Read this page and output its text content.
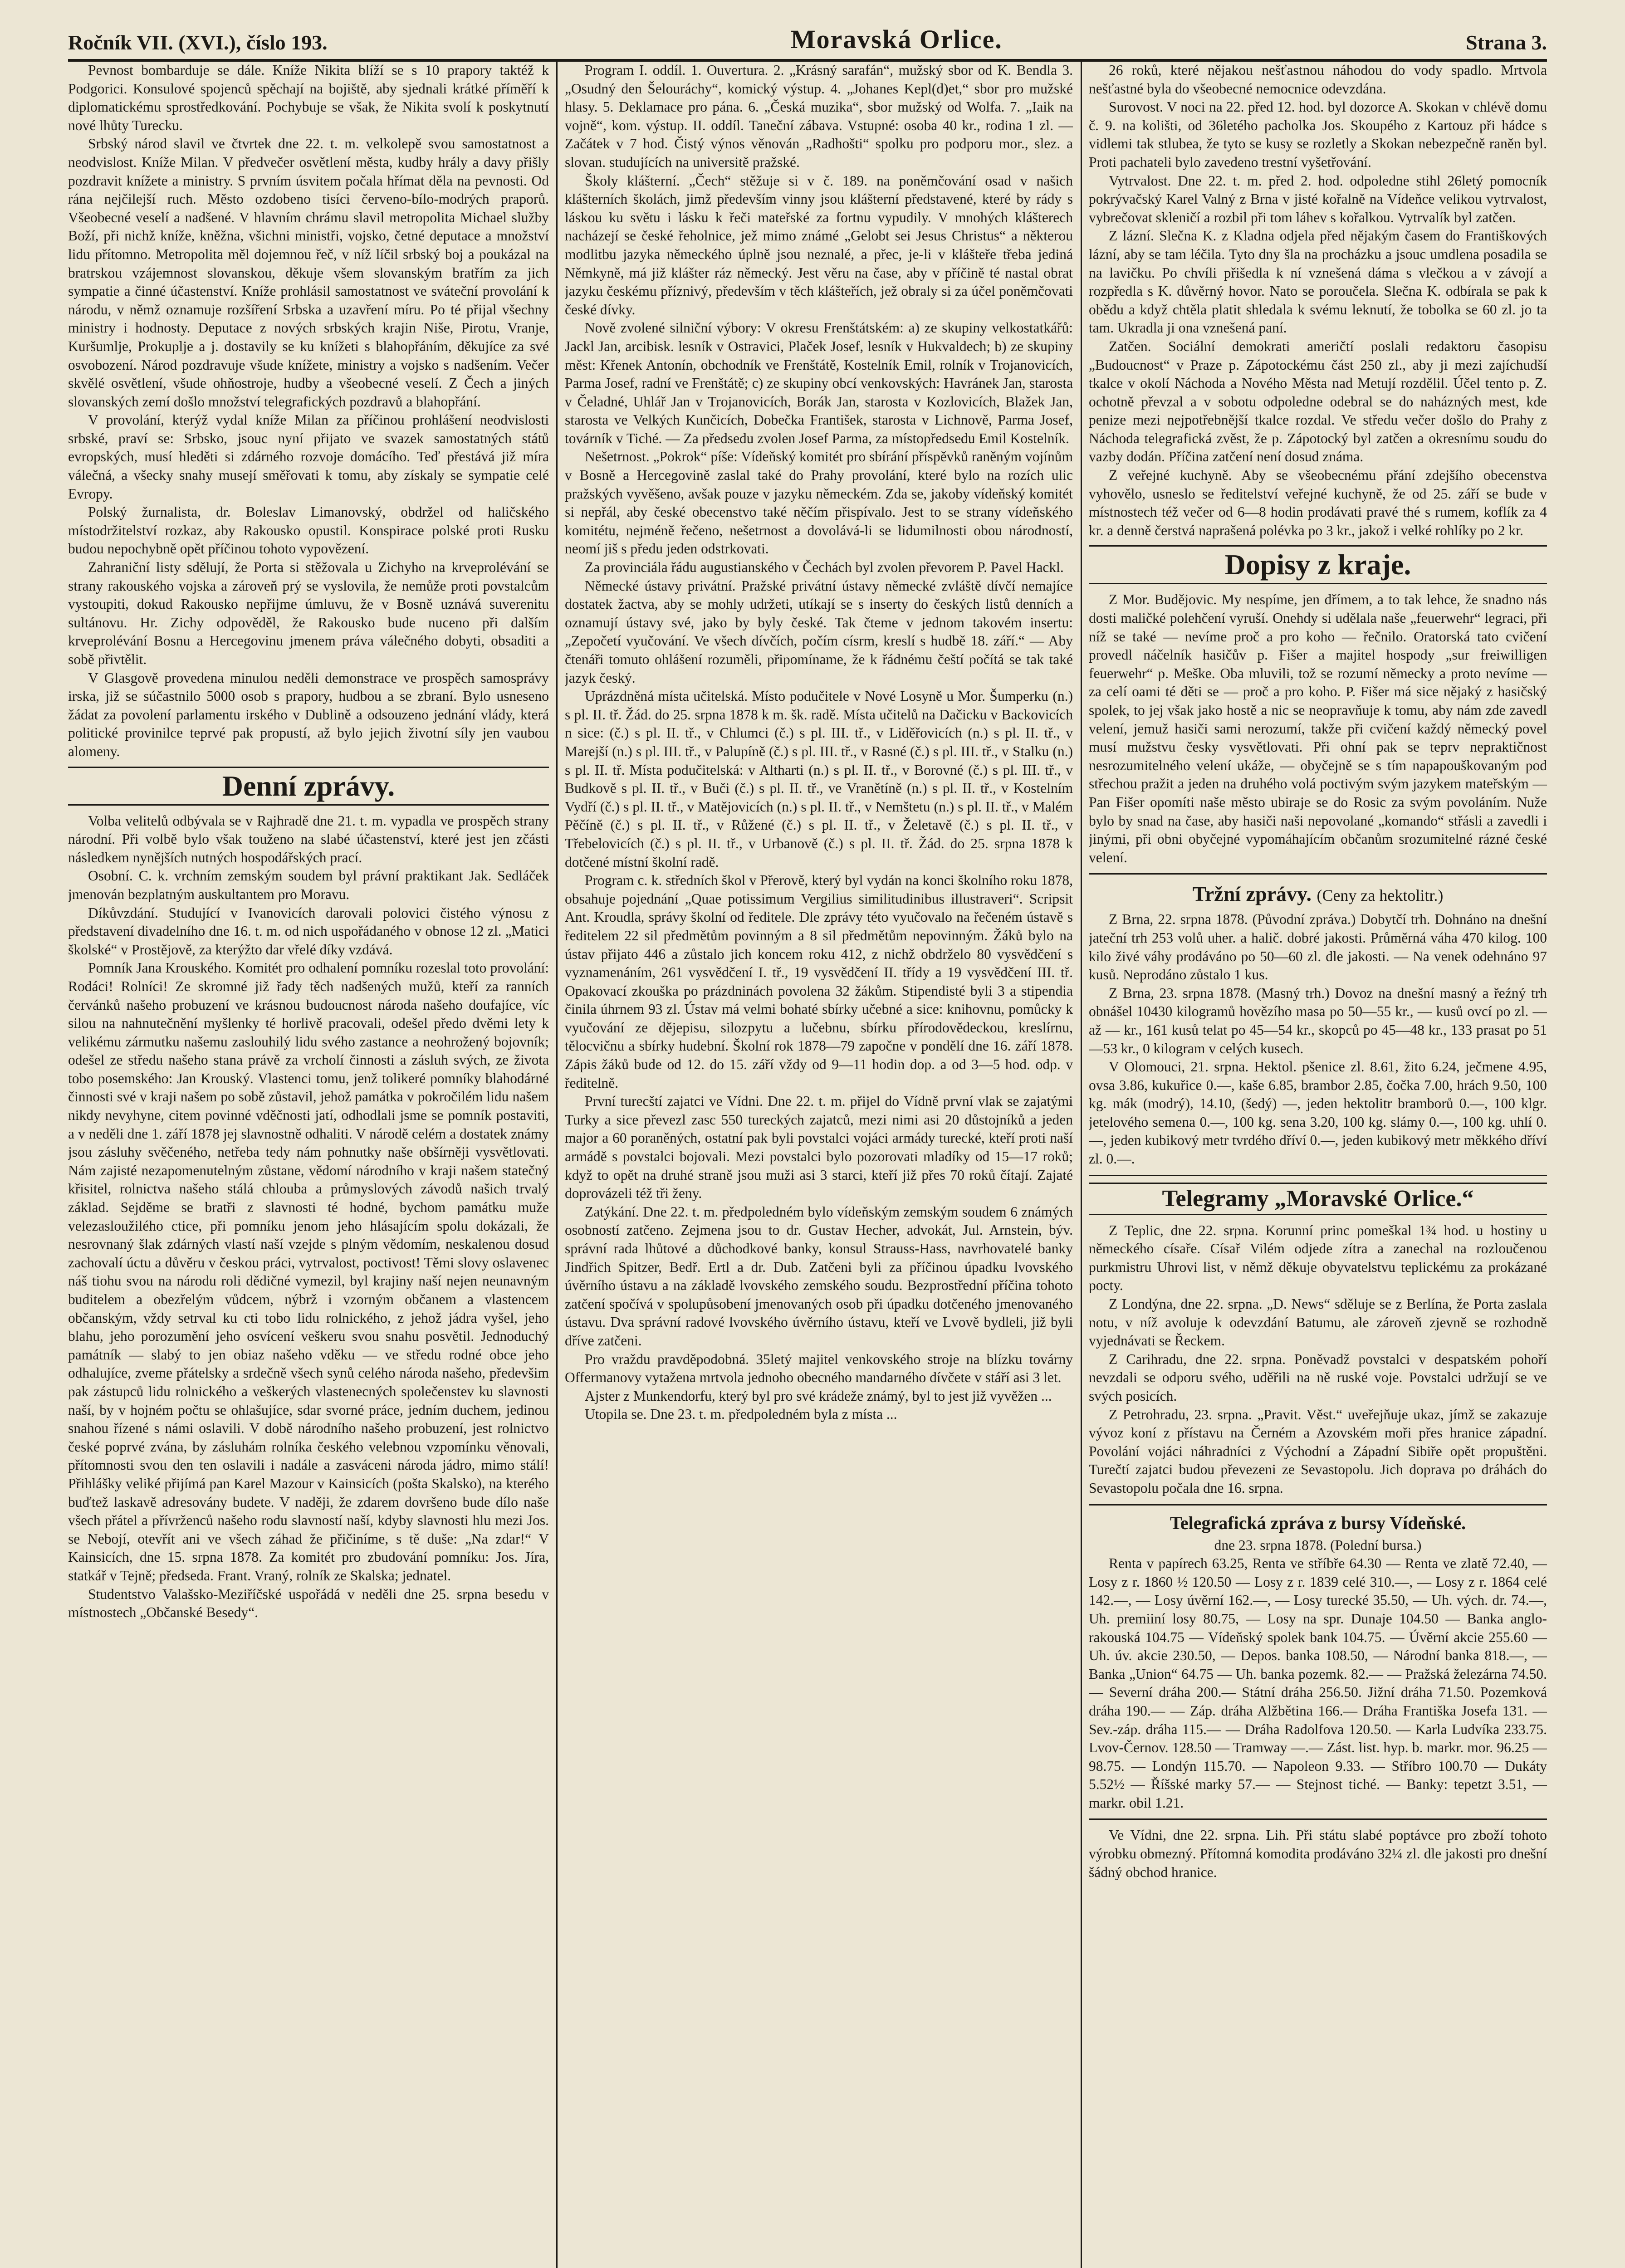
Ročník VII. (XVI.), číslo 193.	Moravská Orlice.	Strana 3.

Pevnost bombarduje se dále. Kníže Nikita blíží se s 10 prapory taktéž k Podgorici. Konsulové spojenců spěchají na bojiště, aby sjednali krátké příměří k diplomatickému sprostředkování. Pochybuje se však, že Nikita svolí k poskytnutí nové lhůty Turecku.

Srbský národ slavil ve čtvrtek dne 22. t. m. velkolepě svou samostatnost a neodvislost. Kníže Milan. V předvečer osvětlení města, kudby hrály a davy přišly pozdravit knížete a ministry. S prvním úsvitem počala hřímat děla na pevnosti. Od rána nejčilejší ruch. Město ozdobeno tisíci červeno-bílo-modrých praporů. Všeobecné veselí a nadšené. V hlavním chrámu slavil metropolita Michael služby Boží, při nichž kníže, kněžna, všichni ministři, vojsko, četné deputace a množství lidu přítomno. Metropolita měl dojemnou řeč, v níž líčil srbský boj a poukázal na bratrskou vzájemnost slovanskou, děkuje všem slovanským bratřím za jich sympatie a činné účastenství. Kníže prohlásil samostatnost ve sváteční provolání k národu, v němž oznamuje rozšíření Srbska a uzavření míru. Po té přijal všechny ministry i hodnosty. Deputace z nových srbských krajin Niše, Pirotu, Vranje, Kuršumlje, Prokuplje a j. dostavily se ku knížeti s blahopřáním, děkujíce za své osvobození. Národ pozdravuje všude knížete, ministry a vojsko s nadšením. Večer skvělé osvětlení, všude ohňostroje, hudby a všeobecné veselí. Z Čech a jiných slovanských zemí došlo množství telegrafických pozdravů a blahopřání.

V provolání, kterýž vydal kníže Milan za příčinou prohlášení neodvislosti srbské, praví se: Srbsko, jsouc nyní přijato ve svazek samostatných států evropských, musí hleděti si zdárného rozvoje domácího. Teď přestává již míra válečná, a všecky snahy musejí směřovati k tomu, aby získaly se sympatie celé Evropy.

Polský žurnalista, dr. Boleslav Limanovský, obdržel od haličského místodržitelství rozkaz, aby Rakousko opustil. Konspirace polské proti Rusku budou nepochybně opět příčinou tohoto vypovězení.

Zahraniční listy sdělují, že Porta si stěžovala u Zichyho na krveprolévání se strany rakouského vojska a zároveň prý se vyslovila, že nemůže proti povstalcům vystoupiti, dokud Rakousko nepřijme úmluvu, že v Bosně uznává suverenitu sultánovu. Hr. Zichy odpověděl, že Rakousko bude nuceno při dalším krveprolévání Bosnu a Hercegovinu jmenem práva válečného dobyti, obsaditi a sobě přivtělit.

V Glasgově provedena minulou neděli demonstrace ve prospěch samosprávy irska, již se súčastnilo 5000 osob s prapory, hudbou a se zbraní. Bylo usneseno žádat za povolení parlamentu irského v Dublině a odsouzeno jednání vlády, která politické provinilce teprvé pak propustí, až bylo jejich životní síly jen vaubou alomeny.

Denní zprávy.

Volba velitelů odbývala se v Rajhradě dne 21. t. m. vypadla ve prospěch strany národní. Při volbě bylo však touženo na slabé účastenství, které jest jen zčásti následkem nynějších nutných hospodářských prací.

Osobní. C. k. vrchním zemským soudem byl právní praktikant Jak. Sedláček jmenován bezplatným auskultantem pro Moravu.

Díkůvzdání. Studující v Ivanovicích darovali polovici čistého výnosu z představení divadelního dne 16. t. m. od nich uspořádaného v obnose 12 zl. „Matici školské“ v Prostějově, za kterýžto dar vřelé díky vzdává.

Pomník Jana Krouského. Komitét pro odhalení pomníku rozeslal toto provolání: Rodáci! Rolníci! Ze skromné již řady těch nadšených mužů, kteří za ranních červánků našeho probuzení ve krásnou budoucnost národa našeho doufajíce, víc silou na nahnutečnění myšlenky té horlivě pracovali, odešel předo dvěmi lety k velikému zármutku našemu zaslouhilý lidu svého zastance a neohrožený bojovník; odešel ze středu našeho stana právě za vrcholí činnosti a zásluh svých, ze života tobo posemského: Jan Krouský. Vlastenci tomu, jenž tolikeré pomníky blahodárné činnosti své v kraji našem po sobě zůstavil, jehož památka v pokročilém lidu našem nikdy nevyhyne, citem povinné vděčnosti jatí, odhodlali jsme se pomník postaviti, a v neděli dne 1. září 1878 jej slavnostně odhaliti. V národě celém a dostatek známy jsou zásluhy svěčeného, netřeba tedy nám pohnutky naše obšírněji vysvětlovati. Nám zajisté nezapomenutelným zůstane, vědomí národního v kraji našem statečný křisitel, rolnictva našeho stálá chlouba a průmyslových závodů našich trvalý základ. Sejděme se bratři z slavnosti té hodné, bychom památku muže velezasloužilého ctice, při pomníku jenom jeho hlásajícím spolu dokázali, že nesrovnaný šlak zdárných vlastí naší vzejde s plným vědomím, neskalenou dosud zachovalí úctu a důvěru v českou práci, vytrvalost, poctivost! Těmi slovy oslavenec náš tiohu svou na národu roli dědičné vymezil, byl krajiny naší nejen neunavným buditelem a obezřelým vůdcem, nýbrž i vzorným občanem a vlastencem občanským, vždy setrval ku cti tobo lidu rolnického, z jehož jádra vyšel, jeho blahu, jeho porozumění jeho osvícení veškeru svou snahu posvětil. Jednoduchý památník — slabý to jen obiaz našeho vděku — ve středu rodné obce jeho odhalujíce, zveme přátelsky a srdečně všech synů celého národa našeho, předevšim pak zástupců lidu rolnického a veškerých vlastenecných společenstev ku slavnosti naší, by v hojném počtu se ohlašujíce, sdar svorné práce, jedním duchem, jedinou snahou řízené s námi oslavili. V době národního našeho probuzení, jest rolnictvo české poprvé zvána, by zásluhám rolníka českého velebnou vzpomínku věnovali, přítomnosti svou den ten oslavili i nadále a zasváceni národa jádro, mimo stálí! Přihlášky veliké přijímá pan Karel Mazour v Kainsicích (pošta Skalsko), na kterého buďtež laskavě adresovány budete. V naději, že zdarem dovršeno bude dílo naše všech přátel a přívrženců našeho rodu slavností naší, kdyby slavnosti hlu mezi Jos. se Nebojí, otevřít ani ve všech záhad že přičiníme, s tě duše: „Na zdar!“ V Kainsicích, dne 15. srpna 1878. Za komitét pro zbudování pomníku: Jos. Jíra, statkář v Tejně; předseda. Frant. Vraný, rolník ze Skalska; jednatel.

Studentstvo Valašsko-Meziříčské uspořádá v neděli dne 25. srpna besedu v místnostech „Občanské Besedy“.

Program I. oddíl. 1. Ouvertura. 2. „Krásný sarafán“, mužský sbor od K. Bendla 3. „Osudný den Šelouráchy“, komický výstup. 4. „Johanes Kepl(d)et,“ sbor pro mužské hlasy. 5. Deklamace pro pána. 6. „Česká muzika“, sbor mužský od Wolfa. 7. „Iaik na vojně“, kom. výstup. II. oddíl. Taneční zábava. Vstupné: osoba 40 kr., rodina 1 zl. — Začátek v 7 hod. Čistý výnos věnován „Radhošti“ spolku pro podporu mor., slez. a slovan. studujících na universitě pražské.

Školy klášterní. „Čech“ stěžuje si v č. 189. na poněmčování osad v našich klášterních školách, jimž především vinny jsou klášterní představené, které by rády s láskou ku světu i lásku k řeči mateřské za fortnu vypudily. V mnohých klášterech nacházejí se české řeholnice, jež mimo známé „Gelobt sei Jesus Christus“ a některou modlitbu jazyka německého úplně jsou neznalé, a přec, je-li v klášteře třeba jediná Němkyně, má již klášter ráz německý. Jest věru na čase, aby v příčině té nastal obrat jazyku českému příznivý, především v těch klášteřích, jež obraly si za účel poněmčovati české dívky.

Nově zvolené silniční výbory: V okresu Frenštátském: a) ze skupiny velkostatkářů: Jackl Jan, arcibisk. lesník v Ostravici, Plaček Josef, lesník v Hukvaldech; b) ze skupiny měst: Křenek Antonín, obchodník ve Frenštátě, Kostelník Emil, rolník v Trojanovicích, Parma Josef, radní ve Frenštátě; c) ze skupiny obcí venkovských: Havránek Jan, starosta v Čeladné, Uhlář Jan v Trojanovicích, Borák Jan, starosta v Kozlovicích, Blažek Jan, starosta ve Velkých Kunčicích, Dobečka František, starosta v Lichnově, Parma Josef, továrník v Tiché. — Za předsedu zvolen Josef Parma, za místopředsedu Emil Kostelník.

Nešetrnost. „Pokrok“ píše: Vídeňský komitét pro sbírání příspěvků raněným vojínům v Bosně a Hercegovině zaslal také do Prahy provolání, které bylo na rozích ulic pražských vyvěšeno, avšak pouze v jazyku německém. Zda se, jakoby vídeňský komitét si nepřál, aby české obecenstvo také něčím přispívalo. Jest to se strany vídeňského komitétu, nejméně řečeno, nešetrnost a dovolává-li se lidumilnosti obou národností, neomí jiš s předu jeden odstrkovati.

Za provinciála řádu augustianského v Čechách byl zvolen převorem P. Pavel Hackl.

Německé ústavy privátní. Pražské privátní ústavy německé zvláště dívčí nemajíce dostatek žactva, aby se mohly udržeti, utíkají se s inserty do českých listů denních a oznamují ústavy své, jako by byly české. Tak čteme v jednom takovém insertu: „Zepočetí vyučování. Ve všech dívčích, počím císrm, kreslí s hudbě 18. září.“ — Aby čtenáři tomuto ohlášení rozuměli, připomíname, že k řádnému čeští počítá se tak také jazyk český.

Uprázdněná místa učitelská. Místo podučitele v Nové Losyně u Mor. Šumperku (n.) s pl. II. tř. Žád. do 25. srpna 1878 k m. šk. radě. Místa učitelů na Dačicku v Backovicích n sice: (č.) s pl. II. tř., v Chlumci (č.) s pl. III. tř., v Liděřovicích (n.) s pl. II. tř., v Marejší (n.) s pl. III. tř., v Palupíně (č.) s pl. III. tř., v Rasné (č.) s pl. III. tř., v Stalku (n.) s pl. II. tř. Místa podučitelská: v Altharti (n.) s pl. II. tř., v Borovné (č.) s pl. III. tř., v Budkově s pl. II. tř., v Buči (č.) s pl. II. tř., ve Vranětíně (n.) s pl. II. tř., v Kostelním Vydří (č.) s pl. II. tř., v Matějovicích (n.) s pl. II. tř., v Nemštetu (n.) s pl. II. tř., v Malém Pěčíně (č.) s pl. II. tř., v Růžené (č.) s pl. II. tř., v Želetavě (č.) s pl. II. tř., v Třebelovicích (č.) s pl. II. tř., v Urbanově (č.) s pl. II. tř. Žád. do 25. srpna 1878 k dotčené místní školní radě.

Program c. k. středních škol v Přerově, který byl vydán na konci školního roku 1878, obsahuje pojednání „Quae potissimum Vergilius similitudinibus illustraveri“. Scripsit Ant. Kroudla, správy školní od ředitele. Dle zprávy této vyučovalo na řečeném ústavě s ředitelem 22 sil předmětům povinným a 8 sil předmětům nepovinným. Žáků bylo na ústav přijato 446 a zůstalo jich koncem roku 412, z nichž obdrželo 80 vysvědčení s vyznamenáním, 261 vysvědčení I. tř., 19 vysvědčení II. třídy a 19 vysvědčení III. tř. Opakovací zkouška po prázdninách povolena 32 žákům. Stipendisté byli 3 a stipendia činila úhrnem 93 zl. Ústav má velmi bohaté sbírky učebné a sice: knihovnu, pomůcky k vyučování ze dějepisu, silozpytu a lučebnu, sbírku přírodovědeckou, kreslírnu, tělocvičnu a sbírky hudební. Školní rok 1878—79 započne v pondělí dne 16. září 1878. Zápis žáků bude od 12. do 15. září vždy od 9—11 hodin dop. a od 3—5 hod. odp. v ředitelně.

První turecští zajatci ve Vídni. Dne 22. t. m. přijel do Vídně první vlak se zajatými Turky a sice převezl zasc 550 tureckých zajatců, mezi nimi asi 20 důstojníků a jeden major a 60 poraněných, ostatní pak byli povstalci vojáci armády turecké, kteří proti naší armádě s povstalci bojovali. Mezi povstalci bylo pozorovati mladíky od 15—17 roků; když to opět na druhé straně jsou muži asi 3 starci, kteří již přes 70 roků čítají. Zajaté doprovázeli též tři ženy.

Zatýkání. Dne 22. t. m. předpoledném bylo vídeňským zemským soudem 6 známých osobností zatčeno. Zejmena jsou to dr. Gustav Hecher, advokát, Jul. Arnstein, býv. správní rada lhůtové a důchodkové banky, konsul Strauss-Hass, navrhovatelé banky Jindřich Spitzer, Bedř. Ertl a dr. Dub. Zatčeni byli za příčinou úpadku lvovského úvěrního ústavu a na základě lvovského zemského soudu. Bezprostřední příčina tohoto zatčení spočívá v spolupůsobení jmenovaných osob při úpadku dotčeného jmenovaného ústavu. Dva správní radové lvovského úvěrního ústavu, kteří ve Lvově bydleli, již byli dříve zatčeni.

Pro vraždu pravděpodobná. 35letý majitel venkovského stroje na blízku továrny Offermanovy vytažena mrtvola jednoho obecného mandarného dívčete v stáří asi 3 let.

Ajster z Munkendorfu, který byl pro své krádeže známý, byl to jest již vyvěžen ...

Utopila se. Dne 23. t. m. předpoledném byla z místa ...

26 roků, které nějakou nešťastnou náhodou do vody spadlo. Mrtvola nešťastné byla do všeobecné nemocnice odevzdána.

Surovost. V noci na 22. před 12. hod. byl dozorce A. Skokan v chlévě domu č. 9. na kolišti, od 36letého pacholka Jos. Skoupého z Kartouz při hádce s vidlemi tak stlubea, že tyto se kusy se rozletly a Skokan nebezpečně raněn byl. Proti pachateli bylo zavedeno trestní vyšetřování.

Vytrvalost. Dne 22. t. m. před 2. hod. odpoledne stihl 26letý pomocník pokrývačský Karel Valný z Brna v jisté kořalně na Vídeňce velikou vytrvalost, vybrečovat skleničí a rozbil při tom láhev s kořalkou. Vytrvalík byl zatčen.

Z lázní. Slečna K. z Kladna odjela před nějakým časem do Františkových lázní, aby se tam léčila. Tyto dny šla na procházku a jsouc umdlena posadila se na lavičku. Po chvíli přišedla k ní vznešená dáma s vlečkou a v závojí a rozpředla s K. důvěrný hovor. Nato se poroučela. Slečna K. odbírala se pak k obědu a když chtěla platit shledala k svému leknutí, že tobolka se 60 zl. jo ta tam. Ukradla ji ona vznešená paní.

Zatčen. Sociální demokrati američtí poslali redaktoru časopisu „Budoucnost“ v Praze p. Zápotockému část 250 zl., aby ji mezi zajíchudší tkalce v okolí Náchoda a Nového Města nad Metují rozdělil. Účel tento p. Z. ochotně převzal a v sobotu odpoledne odebral se do naházných mest, kde penize mezi nejpotřebnější tkalce rozdal. Ve středu večer došlo do Prahy z Náchoda telegrafická zvěst, že p. Zápotocký byl zatčen a okresnímu soudu do vazby dodán. Příčina zatčení není dosud známa.

Z veřejné kuchyně. Aby se všeobecnému přání zdejšího obecenstva vyhovělo, usneslo se ředitelství veřejné kuchyně, že od 25. září se bude v místnostech též večer od 6—8 hodin prodávati pravé thé s rumem, koflík za 4 kr. a denně čerstvá naprašená polévka po 3 kr., jakož i velké rohlíky po 2 kr.

Dopisy z kraje.

Z Mor. Budějovic. My nespíme, jen dřímem, a to tak lehce, že snadno nás dosti maličké polehčení vyruší. Onehdy si udělala naše „feuerwehr“ legraci, při níž se také — nevíme proč a pro koho — řečnilo. Oratorská tato cvičení provedl náčelník hasičův p. Fišer a majitel hospody „sur freiwilligen feuerwehr“ p. Meške. Oba mluvili, tož se rozumí německy a proto nevíme — za celí oami té děti se — proč a pro koho. P. Fišer má sice nějaký z hasičský spolek, to jej však jako hostě a nic se neopravňuje k tomu, aby nám zde zavedl velení, jemuž hasiči sami nerozumí, takže při cvičení každý německý povel musí mužstvu česky vysvětlovati. Při ohní pak se teprv nepraktičnost nesrozumitelného velení ukáže, — obyčejně se s tím napapouškovaným pod střechou pražit a jeden na druhého volá poctivým svým jazykem mateřským — Pan Fišer opomíti naše město ubiraje se do Rosic za svým povoláním. Nuže bylo by snad na čase, aby hasiči naši nepovolané „komando“ střásli a zavedli i jinými, při obni obyčejné vypomáhajícím občanům srozumitelné rázné české velení.

Tržní zprávy. (Ceny za hektolitr.)

Z Brna, 22. srpna 1878. (Původní zpráva.) Dobytčí trh. Dohnáno na dnešní jateční trh 253 volů uher. a halič. dobré jakosti. Průměrná váha 470 kilog. 100 kilo živé váhy prodáváno po 50—60 zl. dle jakosti. — Na venek odehnáno 97 kusů. Neprodáno zůstalo 1 kus.

Z Brna, 23. srpna 1878. (Masný trh.) Dovoz na dnešní masný a řeźný trh obnášel 10430 kilogramů hovězího masa po 50—55 kr., — kusů ovcí po zl. — až — kr., 161 kusů telat po 45—54 kr., skopců po 45—48 kr., 133 prasat po 51—53 kr., 0 kilogram v celých kusech.

V Olomouci, 21. srpna. Hektol. pšenice zl. 8.61, žito 6.24, ječmene 4.95, ovsa 3.86, kukuřice 0.—, kaše 6.85, brambor 2.85, čočka 7.00, hrách 9.50, 100 kg. mák (modrý), 14.10, (šedý) —, jeden hektolitr bramborů 0.—, 100 klgr. jetelového semena 0.—, 100 kg. sena 3.20, 100 kg. slámy 0.—, 100 kg. uhlí 0.—, jeden kubikový metr tvrdého dříví 0.—, jeden kubikový metr měkkého dříví zl. 0.—.

Telegramy „Moravské Orlice.“

Z Teplic, dne 22. srpna. Korunní princ pomeškal 1¾ hod. u hostiny u německého císaře. Císař Vilém odjede zítra a zanechal na rozloučenou purkmistru Uhrovi list, v němž děkuje obyvatelstvu teplickému za prokázané pocty.

Z Londýna, dne 22. srpna. „D. News“ sděluje se z Berlína, že Porta zaslala notu, v níž avoluje k odevzdání Batumu, ale zároveň zjevně se rozhodně vyjednávati se Řeckem.

Z Carihradu, dne 22. srpna. Poněvadž povstalci v despatském pohoří nevzdali se odporu svého, uděřili na ně ruské voje. Povstalci udržují se ve svých posicích.

Z Petrohradu, 23. srpna. „Pravit. Věst.“ uveřejňuje ukaz, jímž se zakazuje vývoz koní z přístavu na Černém a Azovském moři přes hranice západní. Povolání vojáci náhradníci z Východní a Západní Sibiře opět propuštěni. Turečtí zajatci budou převezeni ze Sevastopolu. Jich doprava po dráhách do Sevastopolu počala dne 16. srpna.

Telegrafická zpráva z bursy Vídeňské.

dne 23. srpna 1878. (Polední bursa.)

Renta v papírech 63.25, Renta ve stříbře 64.30 — Renta ve zlatě 72.40, — Losy z r. 1860 ½ 120.50 — Losy z r. 1839 celé 310.—, — Losy z r. 1864 celé 142.—, — Losy úvěrní 162.—, — Losy turecké 35.50, — Uh. vých. dr. 74.—, Uh. premiiní losy 80.75, — Losy na spr. Dunaje 104.50 — Banka anglo-rakouská 104.75 — Vídeňský spolek bank 104.75. — Úvěrní akcie 255.60 — Uh. úv. akcie 230.50, — Depos. banka 108.50, — Národní banka 818.—, — Banka „Union“ 64.75 — Uh. banka pozemk. 82.— — Pražská železárna 74.50. — Severní dráha 200.— Státní dráha 256.50. Jižní dráha 71.50. Pozemková dráha 190.— — Záp. dráha Alžbětina 166.— Dráha Františka Josefa 131. — Sev.-záp. dráha 115.— — Dráha Radolfova 120.50. — Karla Ludvíka 233.75. Lvov-Černov. 128.50 — Tramway —.— Zást. list. hyp. b. markr. mor. 96.25 — 98.75. — Londýn 115.70. — Napoleon 9.33. — Stříbro 100.70 — Dukáty 5.52½ — Říšské marky 57.— — Stejnost tiché. — Banky: tepetzt 3.51, — markr. obil 1.21.

Ve Vídni, dne 22. srpna. Lih. Při státu slabé poptávce pro zboží tohoto výrobku obmezný. Přítomná komodita prodáváno 32¼ zl. dle jakosti pro dnešní šádný obchod hranice.
